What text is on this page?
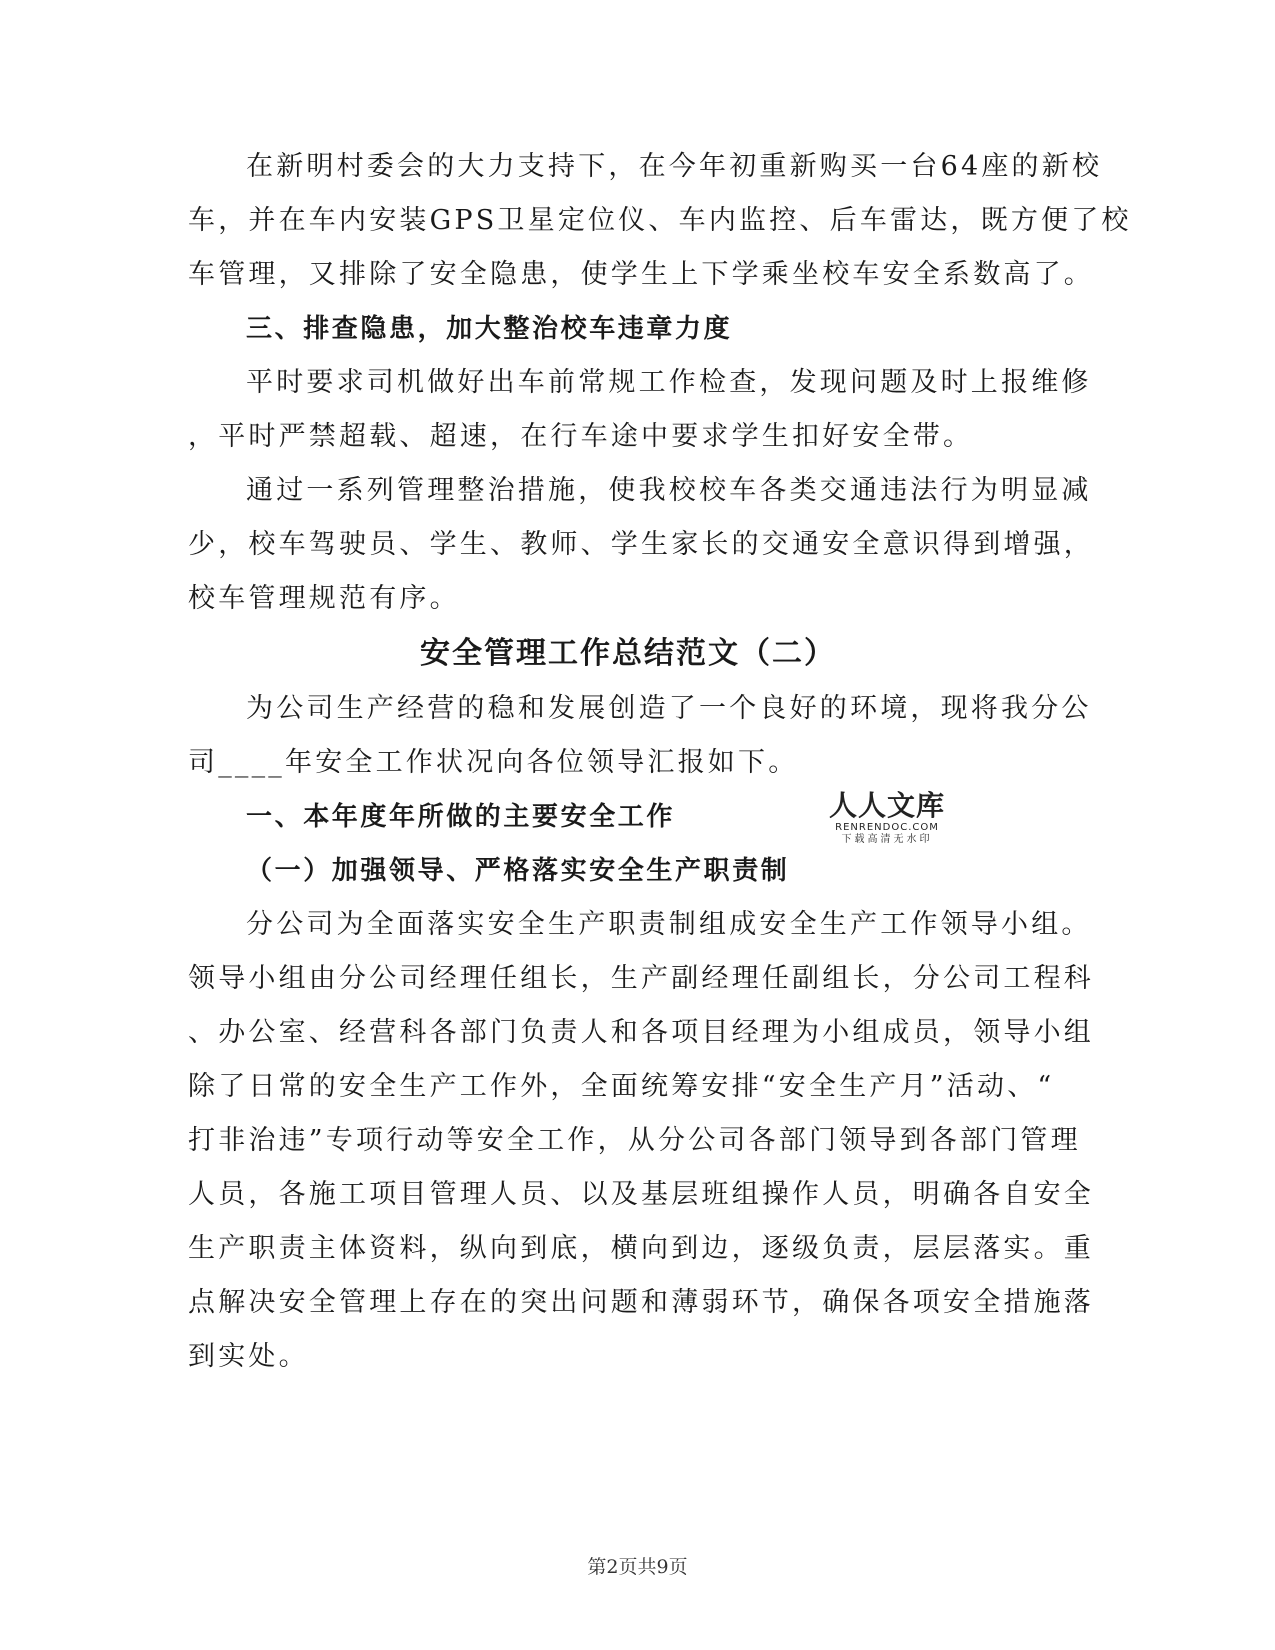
在新明村委会的大力支持下，在今年初重新购买一台64座的新校

车，并在车内安装GPS卫星定位仪、车内监控、后车雷达，既方便了校

车管理，又排除了安全隐患，使学生上下学乘坐校车安全系数高了。

三、排查隐患，加大整治校车违章力度

平时要求司机做好出车前常规工作检查，发现问题及时上报维修

，平时严禁超载、超速，在行车途中要求学生扣好安全带。

通过一系列管理整治措施，使我校校车各类交通违法行为明显减

少，校车驾驶员、学生、教师、学生家长的交通安全意识得到增强，

校车管理规范有序。

安全管理工作总结范文（二）

为公司生产经营的稳和发展创造了一个良好的环境，现将我分公

司____年安全工作状况向各位领导汇报如下。

一、本年度年所做的主要安全工作

（一）加强领导、严格落实安全生产职责制

分公司为全面落实安全生产职责制组成安全生产工作领导小组。

领导小组由分公司经理任组长，生产副经理任副组长，分公司工程科

、办公室、经营科各部门负责人和各项目经理为小组成员，领导小组

除了日常的安全生产工作外，全面统筹安排“安全生产月”活动、“

打非治违”专项行动等安全工作，从分公司各部门领导到各部门管理

人员，各施工项目管理人员、以及基层班组操作人员，明确各自安全

生产职责主体资料，纵向到底，横向到边，逐级负责，层层落实。重

点解决安全管理上存在的突出问题和薄弱环节，确保各项安全措施落

到实处。

人人文库
RENRENDOC.COM
下载高清无水印
第2页共9页
